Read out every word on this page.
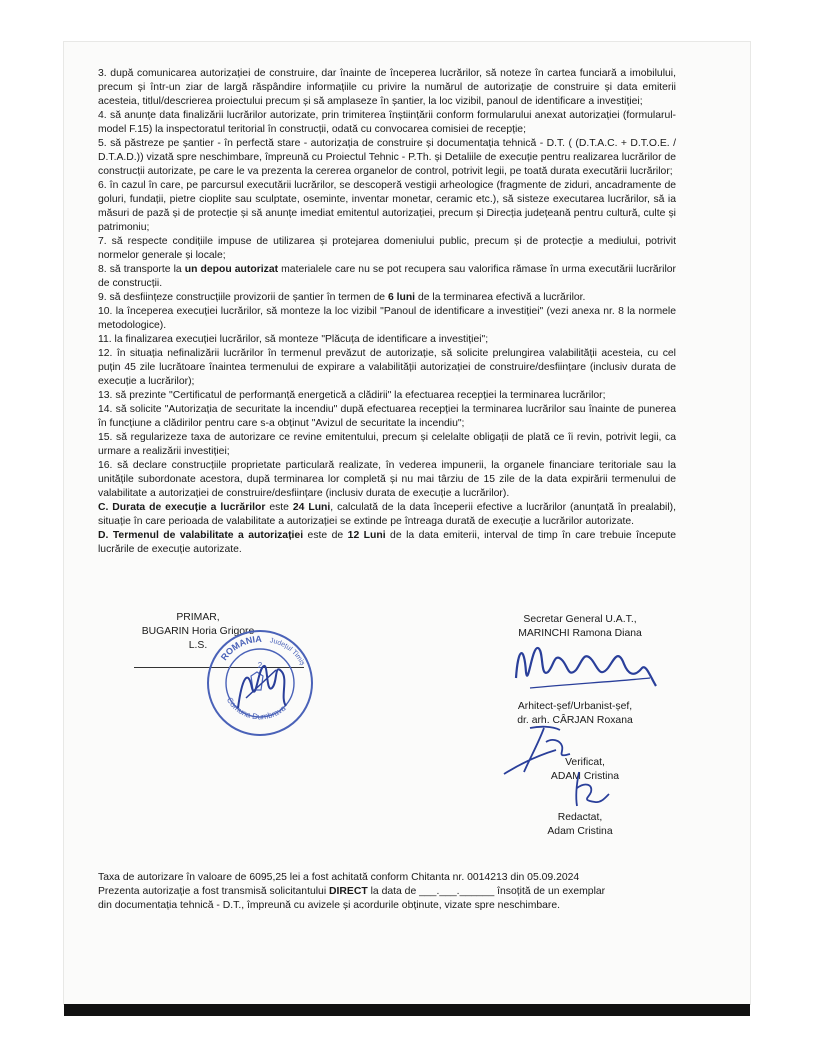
3. după comunicarea autorizației de construire, dar înainte de începerea lucrărilor, să noteze în cartea funciară a imobilului, precum și într-un ziar de largă răspândire informațiile cu privire la numărul de autorizație de construire și data emiterii acesteia, titlul/descrierea proiectului precum și să amplaseze în șantier, la loc vizibil, panoul de identificare a investiției;

4. să anunțe data finalizării lucrărilor autorizate, prin trimiterea înștiințării conform formularului anexat autorizației (formularul-model F.15) la inspectoratul teritorial în construcții, odată cu convocarea comisiei de recepție;

5. să păstreze pe șantier - în perfectă stare - autorizația de construire și documentația tehnică - D.T. ( (D.T.A.C. + D.T.O.E. / D.T.A.D.)) vizată spre neschimbare, împreună cu Proiectul Tehnic - P.Th. și Detaliile de execuție pentru realizarea lucrărilor de construcții autorizate, pe care le va prezenta la cererea organelor de control, potrivit legii, pe toată durata executării lucrărilor;

6. în cazul în care, pe parcursul executării lucrărilor, se descoperă vestigii arheologice (fragmente de ziduri, ancadramente de goluri, fundații, pietre cioplite sau sculptate, oseminte, inventar monetar, ceramic etc.), să sisteze executarea lucrărilor, să ia măsuri de pază și de protecție și să anunțe imediat emitentul autorizației, precum și Direcția județeană pentru cultură, culte și patrimoniu;

7. să respecte condițiile impuse de utilizarea și protejarea domeniului public, precum și de protecție a mediului, potrivit normelor generale și locale;

8. să transporte la un depou autorizat materialele care nu se pot recupera sau valorifica rămase în urma executării lucrărilor de construcții.

9. să desființeze construcțiile provizorii de șantier în termen de 6 luni de la terminarea efectivă a lucrărilor.

10. la începerea execuției lucrărilor, să monteze la loc vizibil "Panoul de identificare a investiției" (vezi anexa nr. 8 la normele metodologice).

11. la finalizarea execuției lucrărilor, să monteze "Plăcuța de identificare a investiției";

12. în situația nefinalizării lucrărilor în termenul prevăzut de autorizație, să solicite prelungirea valabilității acesteia, cu cel puțin 45 zile lucrătoare înaintea termenului de expirare a valabilității autorizației de construire/desființare (inclusiv durata de execuție a lucrărilor);

13. să prezinte "Certificatul de performanță energetică a clădirii" la efectuarea recepției la terminarea lucrărilor;

14. să solicite "Autorizația de securitate la incendiu" după efectuarea recepției la terminarea lucrărilor sau înainte de punerea în funcțiune a clădirilor pentru care s-a obținut "Avizul de securitate la incendiu";

15. să regularizeze taxa de autorizare ce revine emitentului, precum și celelalte obligații de plată ce îi revin, potrivit legii, ca urmare a realizării investiției;

16. să declare construcțiile proprietate particulară realizate, în vederea impunerii, la organele financiare teritoriale sau la unitățile subordonate acestora, după terminarea lor completă și nu mai târziu de 15 zile de la data expirării termenului de valabilitate a autorizației de construire/desființare (inclusiv durata de execuție a lucrărilor).

C. Durata de execuție a lucrărilor este 24 Luni, calculată de la data începerii efective a lucrărilor (anunțată în prealabil), situație în care perioada de valabilitate a autorizației se extinde pe întreaga durată de execuție a lucrărilor autorizate.

D. Termenul de valabilitate a autorizației este de 12 Luni de la data emiterii, interval de timp în care trebuie începute lucrările de execuție autorizate.

PRIMAR,
BUGARIN Horia Grigore
L.S.
ROMANIA
Comuna Dumbrava
Județul Timiș
2
Secretar General U.A.T.,
MARINCHI Ramona Diana
Arhitect-șef/Urbanist-șef,
dr. arh. CÂRJAN Roxana
Verificat,
ADAM Cristina
Redactat,
Adam Cristina
Taxa de autorizare în valoare de 6095,25 lei a fost achitată conform Chitanta nr. 0014213 din 05.09.2024
Prezenta autorizație a fost transmisă solicitantului DIRECT la data de ___.___.______ însoțită de un exemplar
din documentația tehnică - D.T., împreună cu avizele și acordurile obținute, vizate spre neschimbare.
